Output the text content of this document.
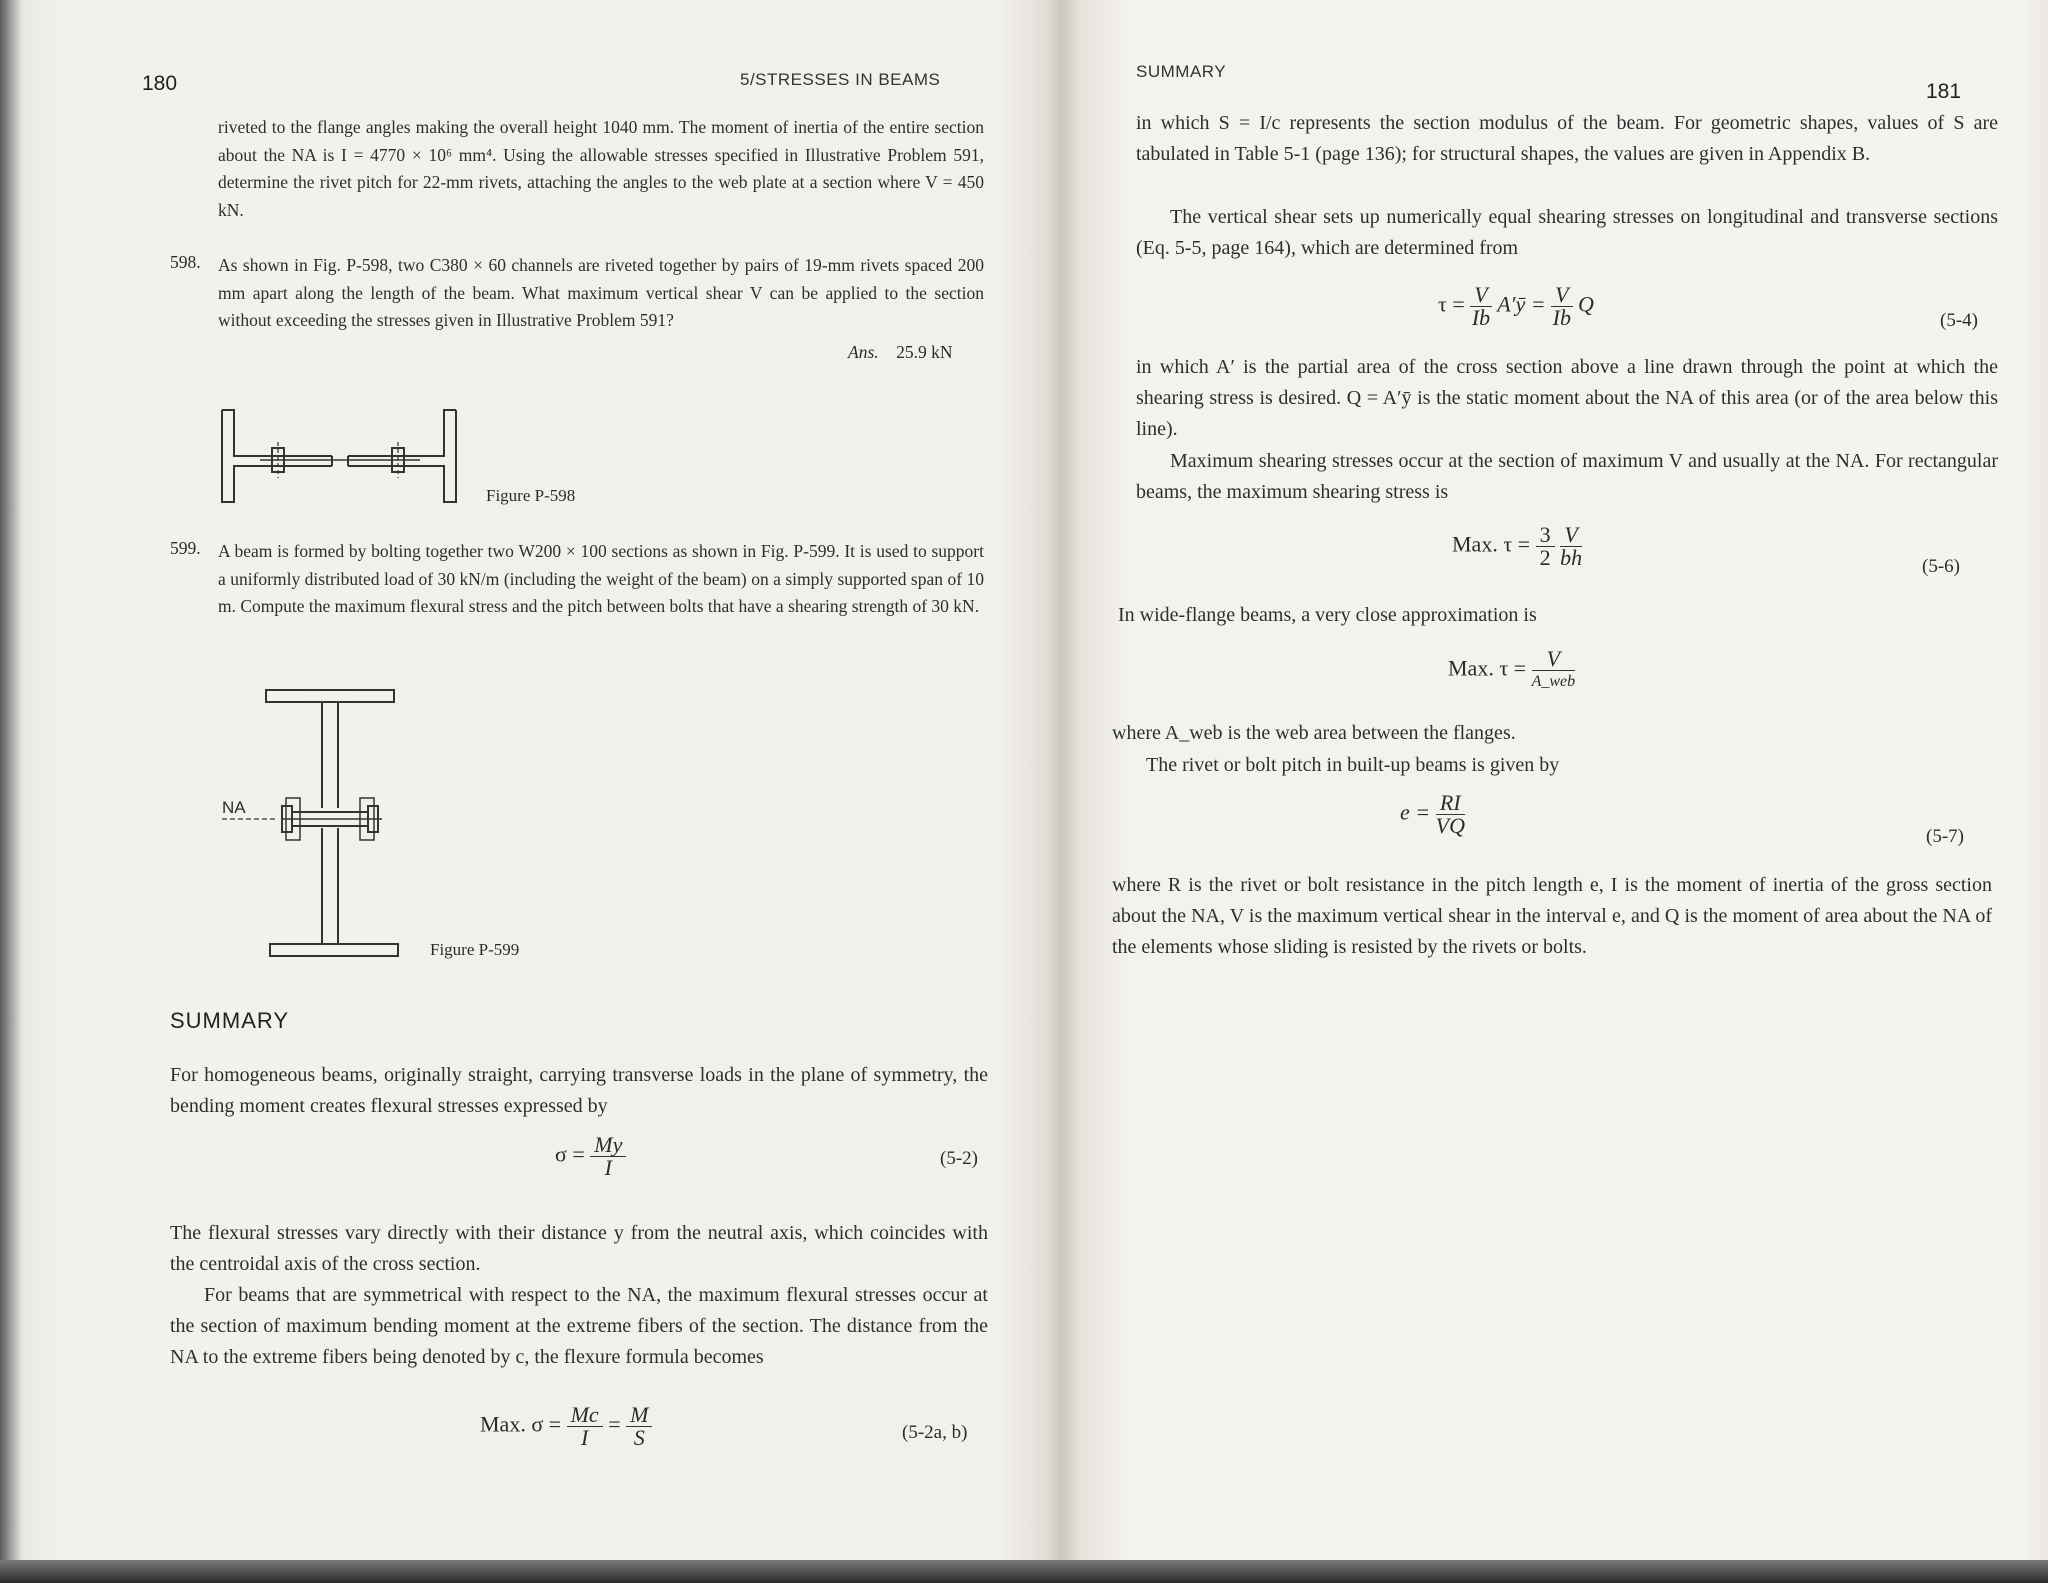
180	5/STRESSES IN BEAMS
riveted to the flange angles making the overall height 1040 mm. The moment of inertia of the entire section about the NA is I = 4770 × 10⁶ mm⁴. Using the allowable stresses specified in Illustrative Problem 591, determine the rivet pitch for 22-mm rivets, attaching the angles to the web plate at a section where V = 450 kN.
598. As shown in Fig. P-598, two C380 × 60 channels are riveted together by pairs of 19-mm rivets spaced 200 mm apart along the length of the beam. What maximum vertical shear V can be applied to the section without exceeding the stresses given in Illustrative Problem 591?
Ans. 25.9 kN
Figure P-598
599. A beam is formed by bolting together two W200 × 100 sections as shown in Fig. P-599. It is used to support a uniformly distributed load of 30 kN/m (including the weight of the beam) on a simply supported span of 10 m. Compute the maximum flexural stress and the pitch between bolts that have a shearing strength of 30 kN.
NA
Figure P-599
SUMMARY
For homogeneous beams, originally straight, carrying transverse loads in the plane of symmetry, the bending moment creates flexural stresses expressed by
$\sigma = \frac{My}{I}$	(5-2)
The flexural stresses vary directly with their distance y from the neutral axis, which coincides with the centroidal axis of the cross section.
For beams that are symmetrical with respect to the NA, the maximum flexural stresses occur at the section of maximum bending moment at the extreme fibers of the section. The distance from the NA to the extreme fibers being denoted by c, the flexure formula becomes
Max. $\sigma = \frac{Mc}{I} = \frac{M}{S}$	(5-2a, b)
SUMMARY
181
in which S = I/c represents the section modulus of the beam. For geometric shapes, values of S are tabulated in Table 5-1 (page 136); for structural shapes, the values are given in Appendix B.
The vertical shear sets up numerically equal shearing stresses on longitudinal and transverse sections (Eq. 5-5, page 164), which are determined from
$\tau = \frac{V}{Ib}$ A′ȳ = $\frac{V}{Ib}$ Q
(5-4)
in which A′ is the partial area of the cross section above a line drawn through the point at which the shearing stress is desired. Q = A′ȳ is the static moment about the NA of this area (or of the area below this line).
Maximum shearing stresses occur at the section of maximum V and usually at the NA. For rectangular beams, the maximum shearing stress is
Max. $\tau = \frac{3}{2}$
$\frac{V}{bh}$	(5-6)
In wide-flange beams, a very close approximation is
Max. $\tau = \frac{V}{\text{A\_web}}$
where A_web is the web area between the flanges.
The rivet or bolt pitch in built-up beams is given by
$e = \frac{RI}{VQ}$	(5-7)
where R is the rivet or bolt resistance in the pitch length e, I is the moment of inertia of the gross section about the NA, V is the maximum vertical shear in the interval e, and Q is the moment of area about the NA of the elements whose sliding is resisted by the rivets or bolts.
